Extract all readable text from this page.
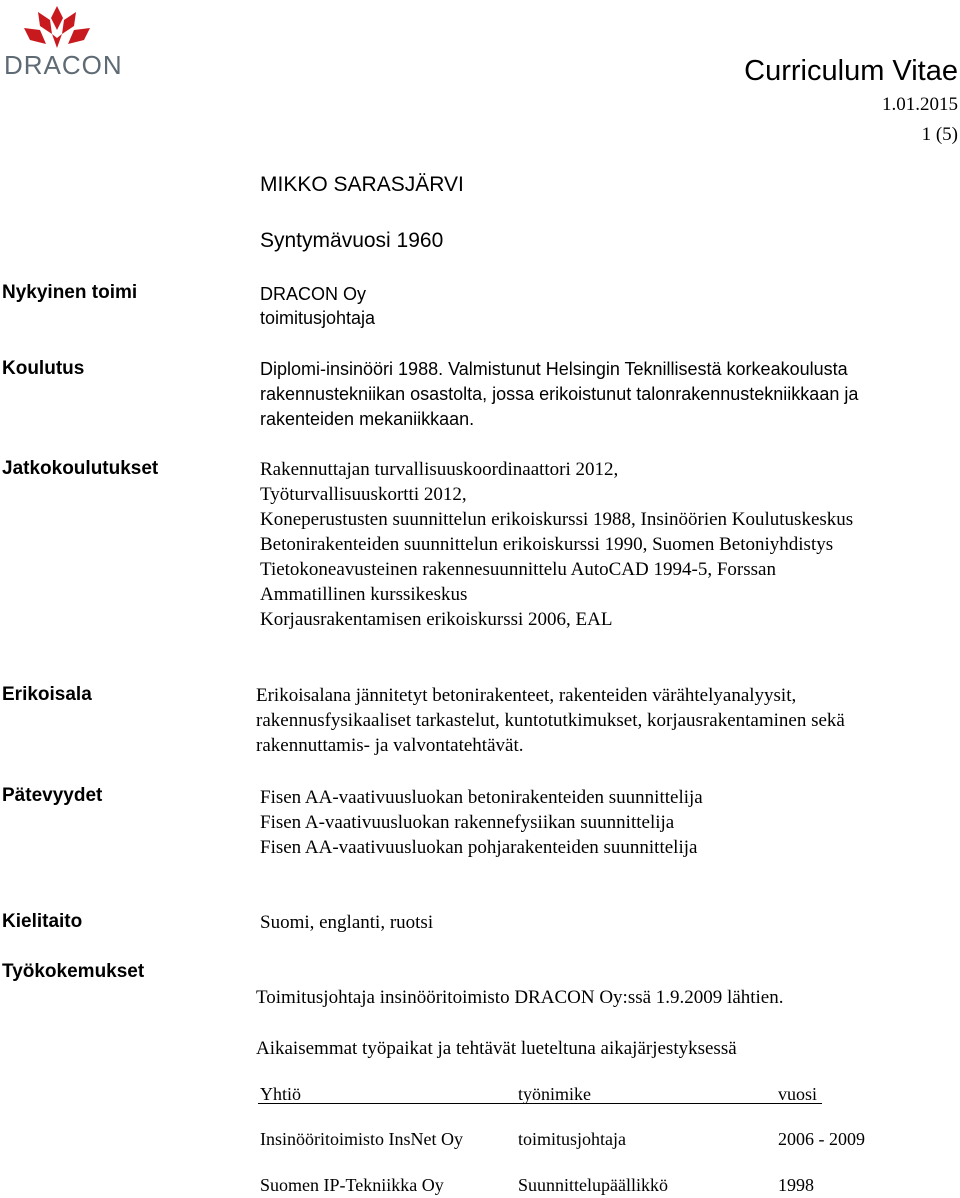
DRACON	Curriculum Vitae
1.01.2015
1 (5)
MIKKO SARASJÄRVI
Syntymävuosi 1960
Nykyinen toimi	DRACON Oy
toimitusjohtaja
Koulutus	Diplomi-insinööri 1988. Valmistunut Helsingin Teknillisestä korkeakoulusta
rakennustekniikan osastolta, jossa erikoistunut talonrakennustekniikkaan ja
rakenteiden mekaniikkaan.
Jatkokoulutukset	Rakennuttajan turvallisuuskoordinaattori 2012,
Työturvallisuuskortti 2012,
Koneperustusten suunnittelun erikoiskurssi 1988, Insinöörien Koulutuskeskus
Betonirakenteiden suunnittelun erikoiskurssi 1990, Suomen Betoniyhdistys
Tietokoneavusteinen rakennesuunnittelu AutoCAD 1994-5, Forssan
Ammatillinen kurssikeskus
Korjausrakentamisen erikoiskurssi 2006, EAL
Erikoisala	Erikoisalana jännitetyt betonirakenteet, rakenteiden värähtelyanalyysit,
rakennusfysikaaliset tarkastelut, kuntotutkimukset, korjausrakentaminen sekä
rakennuttamis- ja valvontatehtävät.
Pätevyydet	Fisen AA-vaativuusluokan betonirakenteiden suunnittelija
Fisen A-vaativuusluokan rakennefysiikan suunnittelija
Fisen AA-vaativuusluokan pohjarakenteiden suunnittelija
Kielitaito	Suomi, englanti, ruotsi
Työkokemukset
Toimitusjohtaja insinööritoimisto DRACON Oy:ssä 1.9.2009 lähtien.
Aikaisemmat työpaikat ja tehtävät lueteltuna aikajärjestyksessä
Yhtiö	työnimike	vuosi
Insinööritoimisto InsNet Oy	toimitusjohtaja	2006 - 2009
Suomen IP-Tekniikka Oy	Suunnittelupäällikkö	1998
